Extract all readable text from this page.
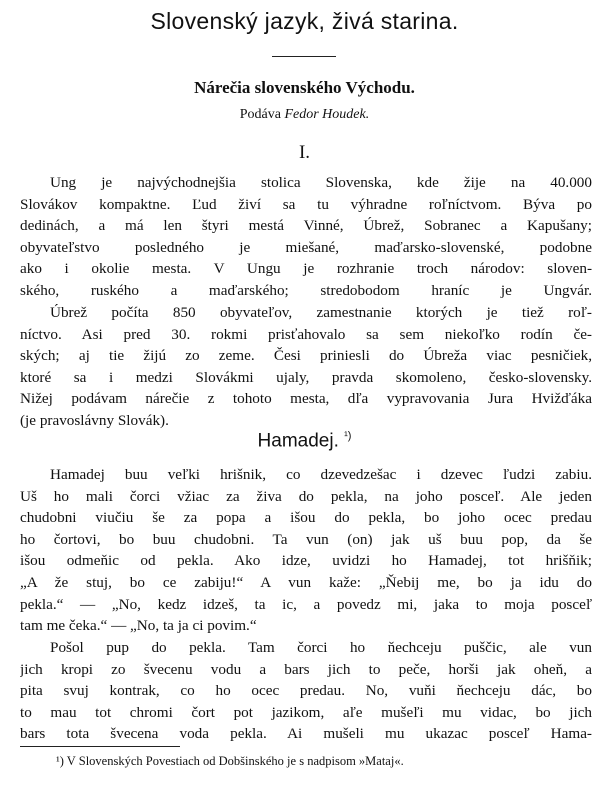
Slovenský jazyk, živá starina.
Nárečia slovenského Východu.
Podáva Fedor Houdek.
I.
Ung je najvýchodnejšia stolica Slovenska, kde žije na 40.000
Slovákov kompaktne. Ľud živí sa tu výhradne roľníctvom. Býva po
dedinách, a má len štyri mestá Vinné, Úbrež, Sobranec a Kapušany;
obyvateľstvo posledného je miešané, maďarsko-slovenské, podobne
ako i okolie mesta. V Ungu je rozhranie troch národov: sloven-
ského, ruského a maďarského; stredobodom hraníc je Ungvár.
Úbrež počíta 850 obyvateľov, zamestnanie ktorých je tiež roľ-
níctvo. Asi pred 30. rokmi prisťahovalo sa sem niekoľko rodín če-
ských; aj tie žijú zo zeme. Česi priniesli do Úbreža viac pesničiek,
ktoré sa i medzi Slovákmi ujaly, pravda skomoleno, česko-slovensky.
Nižej podávam nárečie z tohoto mesta, dľa vypravovania Jura Hvižďáka
(je pravoslávny Slovák).
Hamadej. $^{^1)}$
Hamadej buu veľki hrišnik, co dzevedzešac i dzevec ľudzi zabiu.
Uš ho mali čorci vžiac za živa do pekla, na joho posceľ. Ale jeden
chudobni viučiu še za popa a išou do pekla, bo joho ocec predau
ho čortovi, bo buu chudobni. Ta vun (on) jak uš buu pop, da še
išou odmeňic od pekla. Ako idze, uvidzi ho Hamadej, tot hrišňik;
„A že stuj, bo ce zabiju!“ A vun kaže: „Ňebij me, bo ja idu do
pekla.“ — „No, kedz idzeš, ta ic, a povedz mi, jaka to moja posceľ
tam me čeka.“ — „No, ta ja ci povim.“
Pošol pup do pekla. Tam čorci ho ňechceju puščic, ale vun
jich kropi zo švecenu vodu a bars jich to peče, horši jak oheň, a
pita svuj kontrak, co ho ocec predau. No, vuňi ňechceju dác, bo
to mau tot chromi čort pot jazikom, aľe mušeľi mu vidac, bo jich
bars tota švecena voda pekla. Ai mušeli mu ukazac posceľ Hama-
¹) V Slovenských Povestiach od Dobšinského je s nadpisom »Mataj«.
